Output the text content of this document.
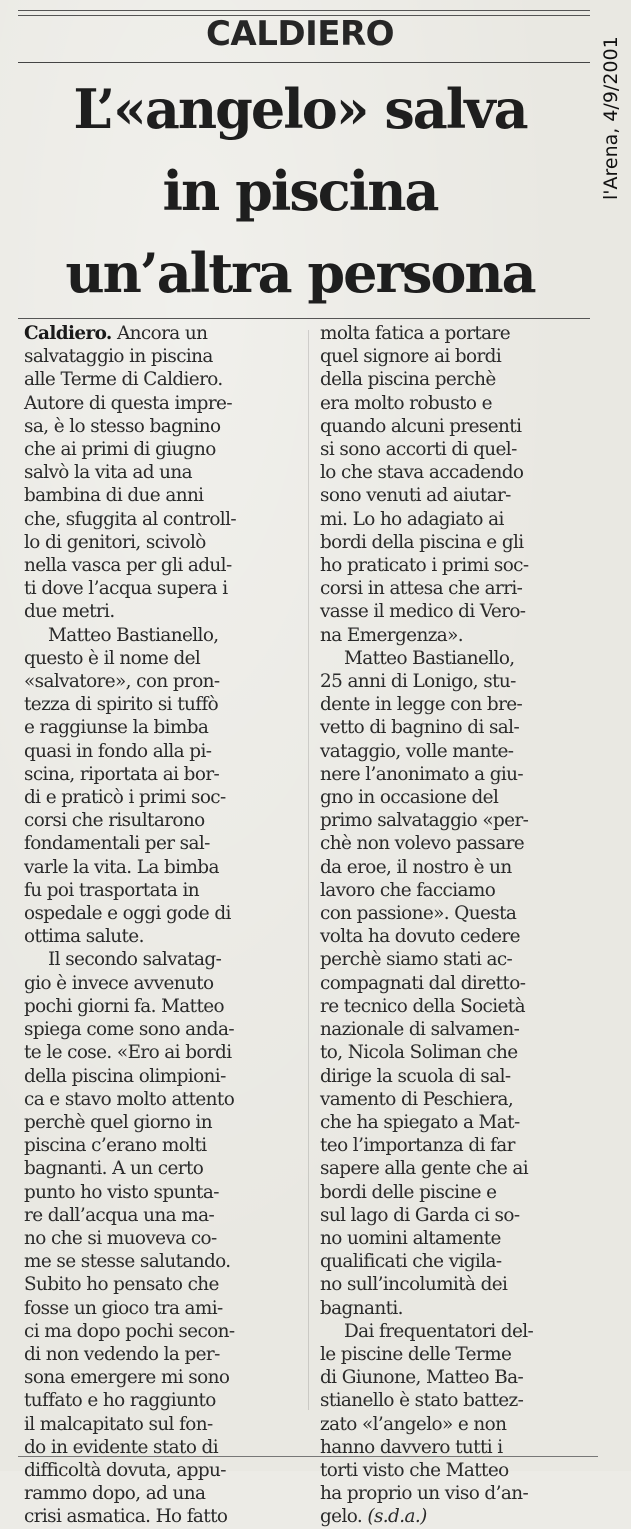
CALDIERO
L’«angelo» salva
in piscina
un’altra persona
l'Arena, 4/9/2001
Caldiero. Ancora un
salvataggio in piscina
alle Terme di Caldiero.
Autore di questa impre-
sa, è lo stesso bagnino
che ai primi di giugno
salvò la vita ad una
bambina di due anni
che, sfuggita al controll-
lo di genitori, scivolò
nella vasca per gli adul-
ti dove l’acqua supera i
due metri.
Matteo Bastianello,
questo è il nome del
«salvatore», con pron-
tezza di spirito si tuffò
e raggiunse la bimba
quasi in fondo alla pi-
scina, riportata ai bor-
di e praticò i primi soc-
corsi che risultarono
fondamentali per sal-
varle la vita. La bimba
fu poi trasportata in
ospedale e oggi gode di
ottima salute.
Il secondo salvatag-
gio è invece avvenuto
pochi giorni fa. Matteo
spiega come sono anda-
te le cose. «Ero ai bordi
della piscina olimpioni-
ca e stavo molto attento
perchè quel giorno in
piscina c’erano molti
bagnanti. A un certo
punto ho visto spunta-
re dall’acqua una ma-
no che si muoveva co-
me se stesse salutando.
Subito ho pensato che
fosse un gioco tra ami-
ci ma dopo pochi secon-
di non vedendo la per-
sona emergere mi sono
tuffato e ho raggiunto
il malcapitato sul fon-
do in evidente stato di
difficoltà dovuta, appu-
rammo dopo, ad una
crisi asmatica. Ho fatto
molta fatica a portare
quel signore ai bordi
della piscina perchè
era molto robusto e
quando alcuni presenti
si sono accorti di quel-
lo che stava accadendo
sono venuti ad aiutar-
mi. Lo ho adagiato ai
bordi della piscina e gli
ho praticato i primi soc-
corsi in attesa che arri-
vasse il medico di Vero-
na Emergenza».
Matteo Bastianello,
25 anni di Lonigo, stu-
dente in legge con bre-
vetto di bagnino di sal-
vataggio, volle mante-
nere l’anonimato a giu-
gno in occasione del
primo salvataggio «per-
chè non volevo passare
da eroe, il nostro è un
lavoro che facciamo
con passione». Questa
volta ha dovuto cedere
perchè siamo stati ac-
compagnati dal diretto-
re tecnico della Società
nazionale di salvamen-
to, Nicola Soliman che
dirige la scuola di sal-
vamento di Peschiera,
che ha spiegato a Mat-
teo l’importanza di far
sapere alla gente che ai
bordi delle piscine e
sul lago di Garda ci so-
no uomini altamente
qualificati che vigila-
no sull’incolumità dei
bagnanti.
Dai frequentatori del-
le piscine delle Terme
di Giunone, Matteo Ba-
stianello è stato battez-
zato «l’angelo» e non
hanno davvero tutti i
torti visto che Matteo
ha proprio un viso d’an-
gelo. (s.d.a.)
